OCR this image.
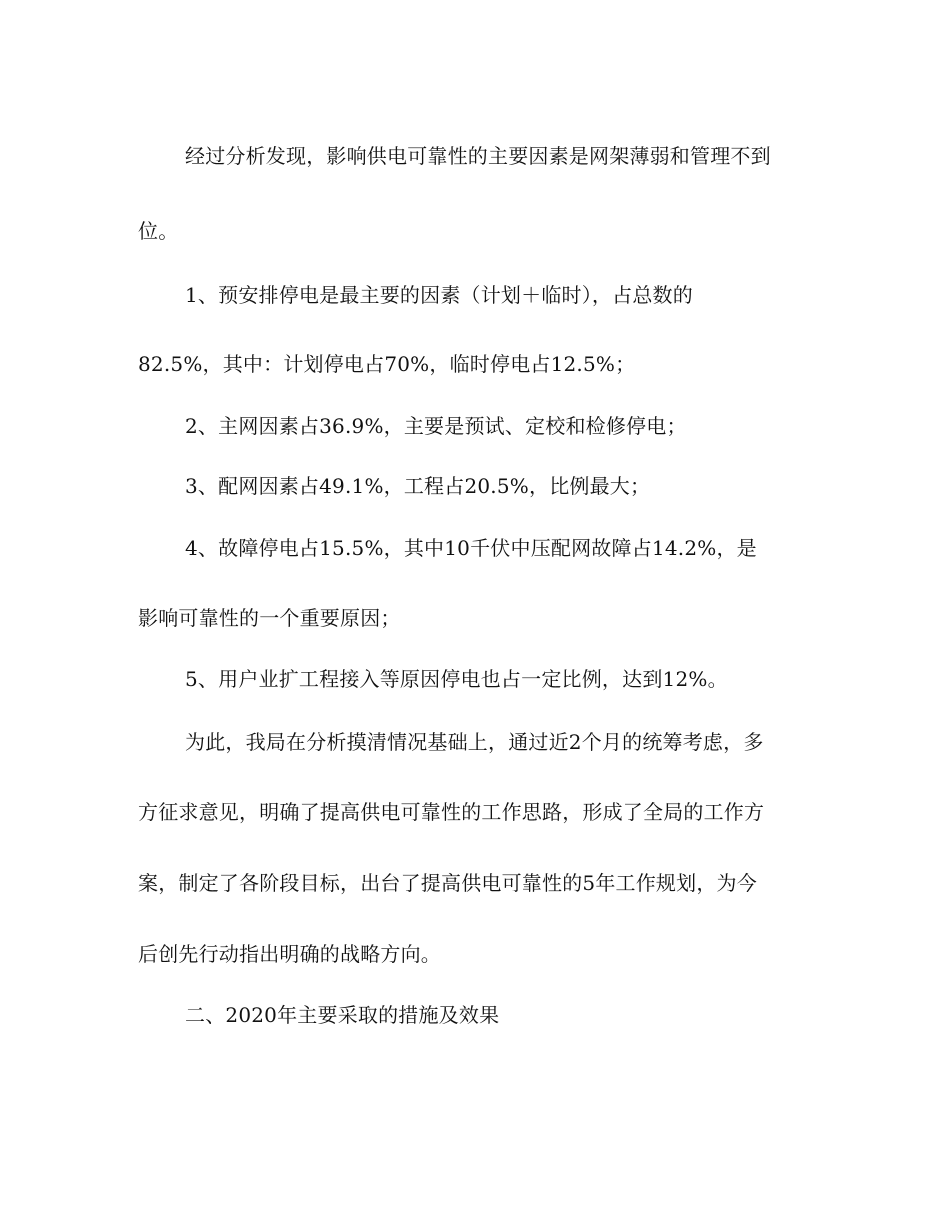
经过分析发现，影响供电可靠性的主要因素是网架薄弱和管理不到
位。
1、预安排停电是最主要的因素（计划＋临时），占总数的
82.5%，其中：计划停电占70%，临时停电占12.5%；
2、主网因素占36.9%，主要是预试、定校和检修停电；
3、配网因素占49.1%，工程占20.5%，比例最大；
4、故障停电占15.5%，其中10千伏中压配网故障占14.2%，是
影响可靠性的一个重要原因；
5、用户业扩工程接入等原因停电也占一定比例，达到12%。
为此，我局在分析摸清情况基础上，通过近2个月的统筹考虑，多
方征求意见，明确了提高供电可靠性的工作思路，形成了全局的工作方
案，制定了各阶段目标，出台了提高供电可靠性的5年工作规划，为今
后创先行动指出明确的战略方向。
二、2020年主要采取的措施及效果
